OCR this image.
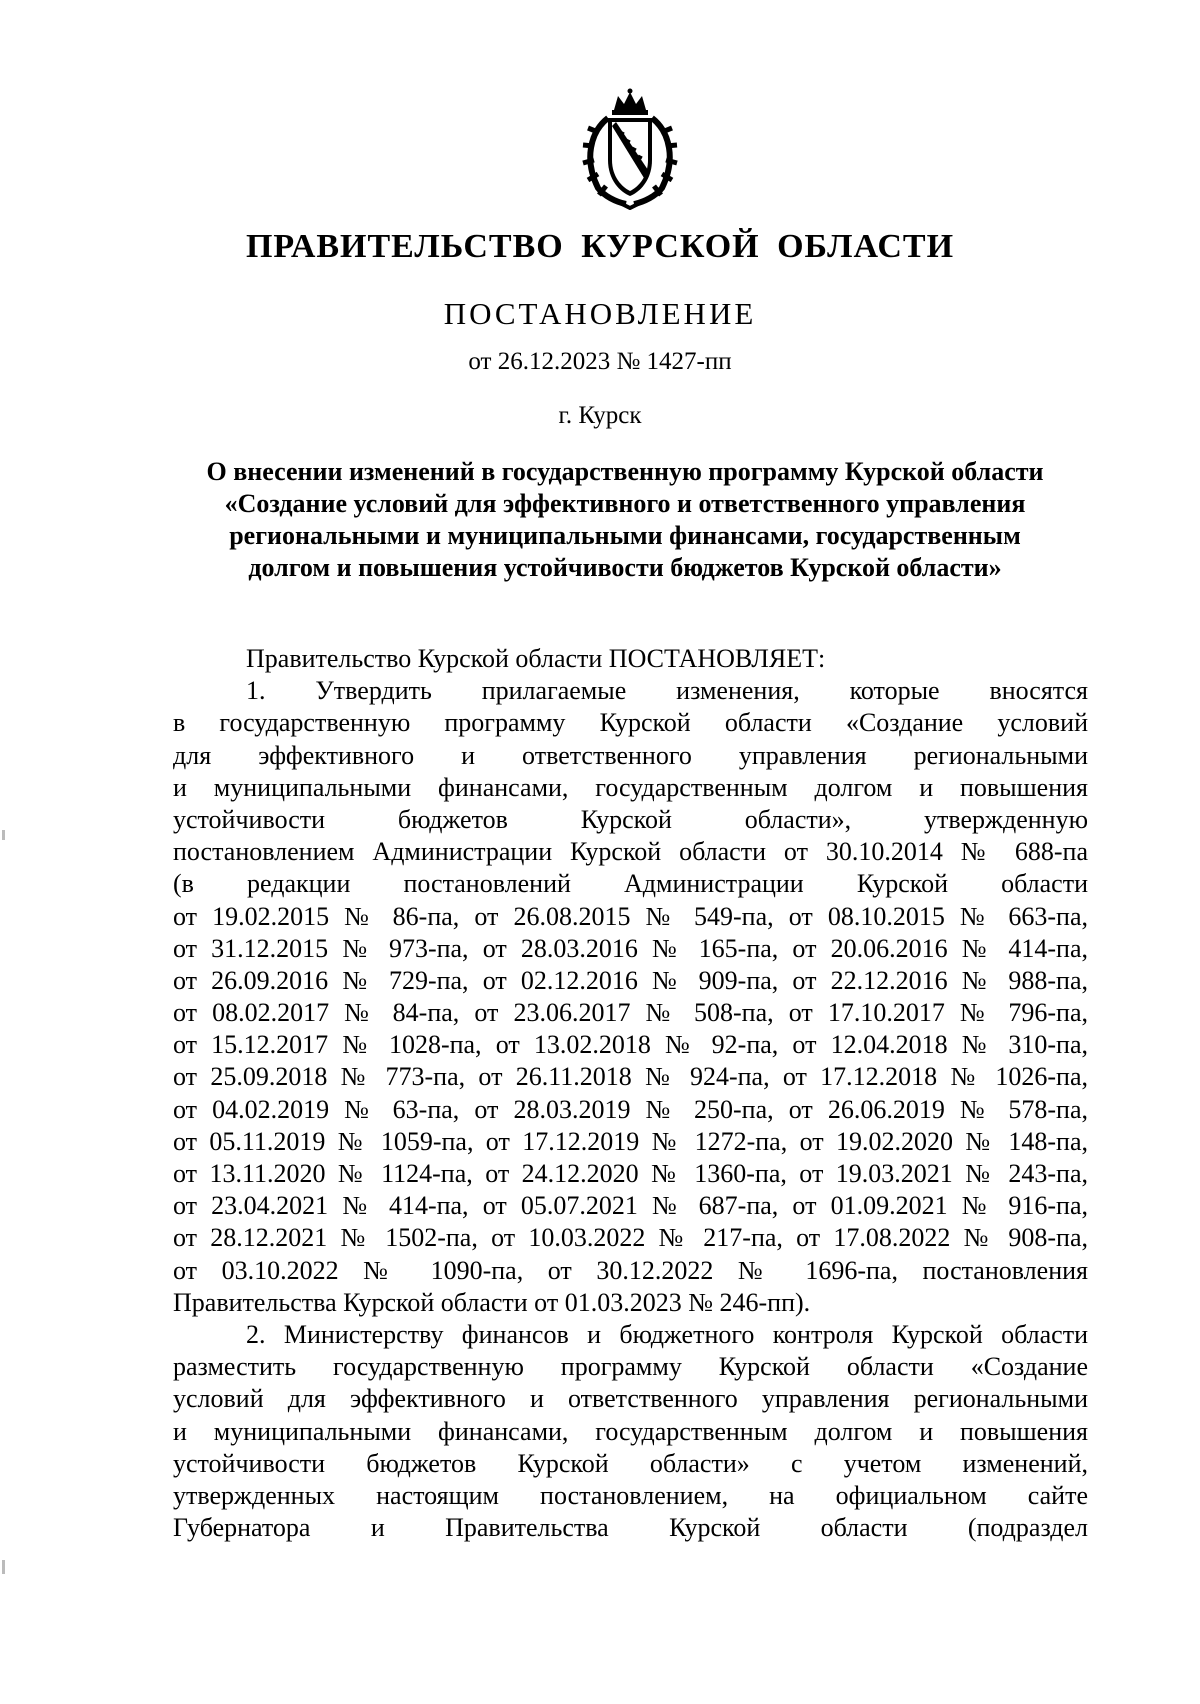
ПРАВИТЕЛЬСТВО КУРСКОЙ ОБЛАСТИ
ПОСТАНОВЛЕНИЕ
от 26.12.2023 № 1427-пп
г. Курск
О внесении изменений в государственную программу Курской области
«Создание условий для эффективного и ответственного управления
региональными и муниципальными финансами, государственным
долгом и повышения устойчивости бюджетов Курской области»
Правительство Курской области ПОСТАНОВЛЯЕТ:
1. Утвердить прилагаемые изменения, которые вносятся
в государственную программу Курской области «Создание условий
для эффективного и ответственного управления региональными
и муниципальными финансами, государственным долгом и повышения
устойчивости бюджетов Курской области», утвержденную
постановлением Администрации Курской области от 30.10.2014 № 688-па
(в редакции постановлений Администрации Курской области
от 19.02.2015 № 86-па, от 26.08.2015 № 549-па, от 08.10.2015 № 663-па,
от 31.12.2015 № 973-па, от 28.03.2016 № 165-па, от 20.06.2016 № 414-па,
от 26.09.2016 № 729-па, от 02.12.2016 № 909-па, от 22.12.2016 № 988-па,
от 08.02.2017 № 84-па, от 23.06.2017 № 508-па, от 17.10.2017 № 796-па,
от 15.12.2017 № 1028-па, от 13.02.2018 № 92-па, от 12.04.2018 № 310-па,
от 25.09.2018 № 773-па, от 26.11.2018 № 924-па, от 17.12.2018 № 1026-па,
от 04.02.2019 № 63-па, от 28.03.2019 № 250-па, от 26.06.2019 № 578-па,
от 05.11.2019 № 1059-па, от 17.12.2019 № 1272-па, от 19.02.2020 № 148-па,
от 13.11.2020 № 1124-па, от 24.12.2020 № 1360-па, от 19.03.2021 № 243-па,
от 23.04.2021 № 414-па, от 05.07.2021 № 687-па, от 01.09.2021 № 916-па,
от 28.12.2021 № 1502-па, от 10.03.2022 № 217-па, от 17.08.2022 № 908-па,
от 03.10.2022 № 1090-па, от 30.12.2022 № 1696-па, постановления
Правительства Курской области от 01.03.2023 № 246-пп).
2. Министерству финансов и бюджетного контроля Курской области
разместить государственную программу Курской области «Создание
условий для эффективного и ответственного управления региональными
и муниципальными финансами, государственным долгом и повышения
устойчивости бюджетов Курской области» с учетом изменений,
утвержденных настоящим постановлением, на официальном сайте
Губернатора и Правительства Курской области (подраздел
